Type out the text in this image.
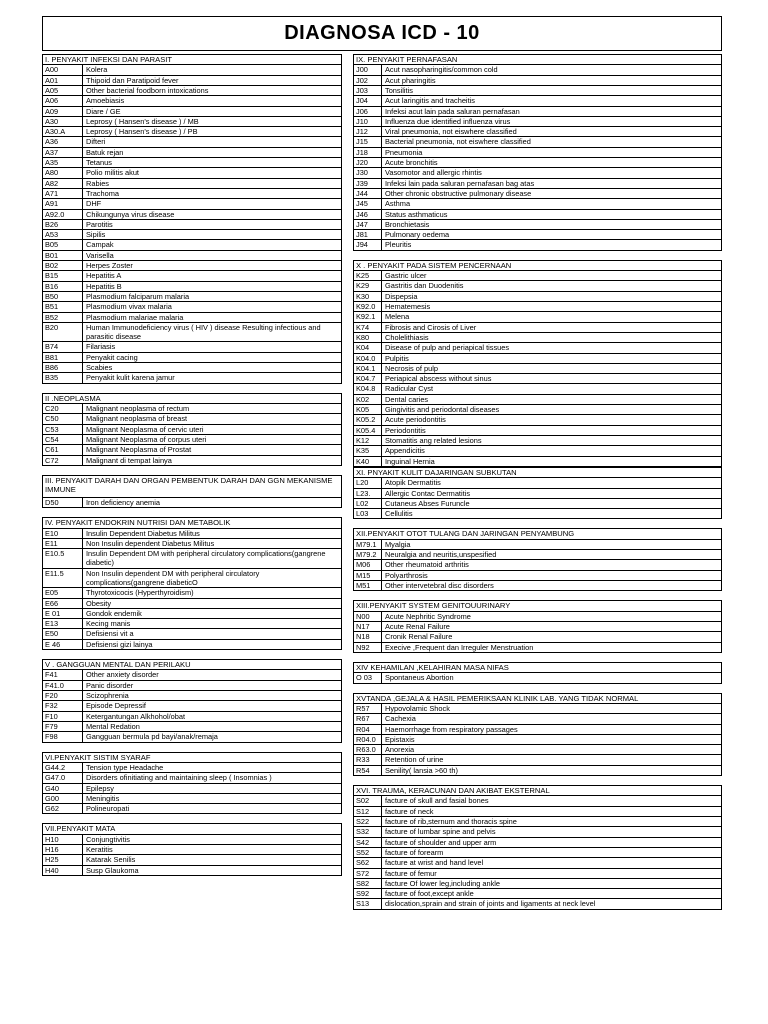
DIAGNOSA ICD - 10
I. PENYAKIT INFEKSI DAN PARASIT
A00	Kolera
A01	Thipoid dan Paratipoid fever
A05	Other bacterial foodborn intoxications
A06	Amoebiasis
A09	Diare / GE
A30	Leprosy ( Hansen's disease ) / MB
A30.A	Leprosy ( Hansen's disease ) / PB
A36	Difteri
A37	Batuk rejan
A35	Tetanus
A80	Polio militis akut
A82	Rabies
A71	Trachoma
A91	DHF
A92.0	Chikungunya virus disease
B26	Parotitis
A53	Sipilis
B05	Campak
B01	Varisella
B02	Herpes Zoster
B15	Hepatitis A
B16	Hepatitis B
B50	Plasmodium falciparum malaria
B51	Plasmodium vivax malaria
B52	Plasmodium malariae malaria
B20	Human Immunodeficiency virus ( HIV ) disease Resulting infectious and parasitic disease
B74	Filariasis
B81	Penyakit cacing
B86	Scabies
B35	Penyakit kulit karena jamur
II .NEOPLASMA
C20	Malignant neoplasma of rectum
C50	Malignant neoplasma of breast
C53	Malignant Neoplasma of cervic uteri
C54	Malignant Neoplasma of corpus uteri
C61	Malignant Neoplasma of Prostat
C72	Malignant di tempat lainya
III. PENYAKIT DARAH DAN ORGAN PEMBENTUK DARAH DAN GGN MEKANISME IMMUNE
D50	Iron deficiency anemia
IV. PENYAKIT ENDOKRIN NUTRISI DAN METABOLIK
E10	Insulin Dependent Diabetus Militus
E11	Non Insulin dependent Diabetus Militus
E10.5	Insulin Dependent DM with peripheral circulatory complications(gangrene diabetic)
E11.5	Non Insulin dependent DM with peripheral circulatory complications(gangrene diabeticO
E05	Thyrotoxicocis (Hyperthyroidism)
E66	Obesity
E 01	Gondok endemik
E13	Kecing manis
E50	Defisiensi vit a
E 46	Defisiensi gizi lainya
V . GANGGUAN MENTAL DAN PERILAKU
F41	Other anxiety disorder
F41.0	Panic disorder
F20	Scizophrenia
F32	Episode Depressif
F10	Ketergantungan Alkhohol/obat
F79	Mental Redation
F98	Gangguan bermula pd bayi/anak/remaja
VI.PENYAKIT SISTIM SYARAF
G44.2	Tension type Headache
G47.0	Disorders ofinitiating and maintaining sleep ( Insomnias )
G40	Epilepsy
G00	Meningitis
G62	Polineuropati
VII.PENYAKIT MATA
H10	Conjungtivitis
H16	Keratitis
H25	Katarak Senilis
H40	Susp Glaukoma
IX. PENYAKIT PERNAFASAN
J00	Acut nasopharingitis/common cold
J02	Acut pharingitis
J03	Tonsilitis
J04	Acut laringitis and tracheitis
J06	Infeksi acut lain pada saluran pernafasan
J10	Influenza due identified influenza virus
J12	Viral pneumonia, not eiswhere classified
J15	Bacterial pneumonia, not eiswhere classified
J18	Pneumonia
J20	Acute bronchitis
J30	Vasomotor and allergic rhintis
J39	Infeksi lain pada saluran pernafasan bag atas
J44	Other chronic obstructive pulmonary disease
J45	Asthma
J46	Status asthmaticus
J47	Bronchietasis
J81	Pulmonary oedema
J94	Pleuritis
X . PENYAKIT PADA SISTEM PENCERNAAN
K25	Gastric ulcer
K29	Gastritis dan Duodenitis
K30	Dispepsia
K92.0	Hematemesis
K92.1	Melena
K74	Fibrosis and Cirosis of Liver
K80	Cholelithiasis
K04	Disease of pulp and periapical tissues
K04.0	Pulpitis
K04.1	Necrosis of pulp
K04.7	Periapical abscess without sinus
K04.8	Radicular Cyst
K02	Dental caries
K05	Gingivitis and periodontal diseases
K05.2	Acute periodontitis
K05.4	Periodontitis
K12	Stomatitis ang related lesions
K35	Appendicitis
K40	Inguinal Hernia
XI. PNYAKIT KULIT DAJARINGAN SUBKUTAN
L20	Atopik Dermatitis
L23.	Allergic Contac Dermatitis
L02	Cutaneus Abses Furuncle
L03	Cellulitis
XII.PENYAKIT OTOT TULANG DAN JARINGAN PENYAMBUNG
M79.1	Myalgia
M79.2	Neuralgia and neuritis,unspesified
M06	Other rheumatoid arthritis
M15	Polyarthrosis
M51	Other intervetebral disc disorders
XIII.PENYAKIT SYSTEM GENITOUURINARY
N00	Acute Nephritic Syndrome
N17	Acute Renal Failure
N18	Cronik Renal Failure
N92	Execive ,Frequent dan Irreguler Menstruation
XIV KEHAMILAN ,KELAHIRAN MASA NIFAS
O 03	Spontaneus Abortion
XVTANDA ,GEJALA & HASIL PEMERIKSAAN KLINIK LAB. YANG TIDAK NORMAL
R57	Hypovolamic Shock
R67	Cachexia
R04	Haemorrhage from respiratory passages
R04.0	Epistaxis
R63.0	Anorexia
R33	Retention of urine
R54	Senility( lansia >60 th)
XVI. TRAUMA, KERACUNAN DAN AKIBAT EKSTERNAL
S02	facture of skull and fasial bones
S12	facture of neck
S22	facture of rib,sternum and thoracis spine
S32	facture of lumbar spine and pelvis
S42	facture of shoulder and upper arm
S52	facture of forearm
S62	facture at wrist and hand level
S72	facture of femur
S82	facture Of lower leg,including ankle
S92	facture of foot,except ankle
S13	dislocation,sprain and strain of joints and ligaments at neck level
